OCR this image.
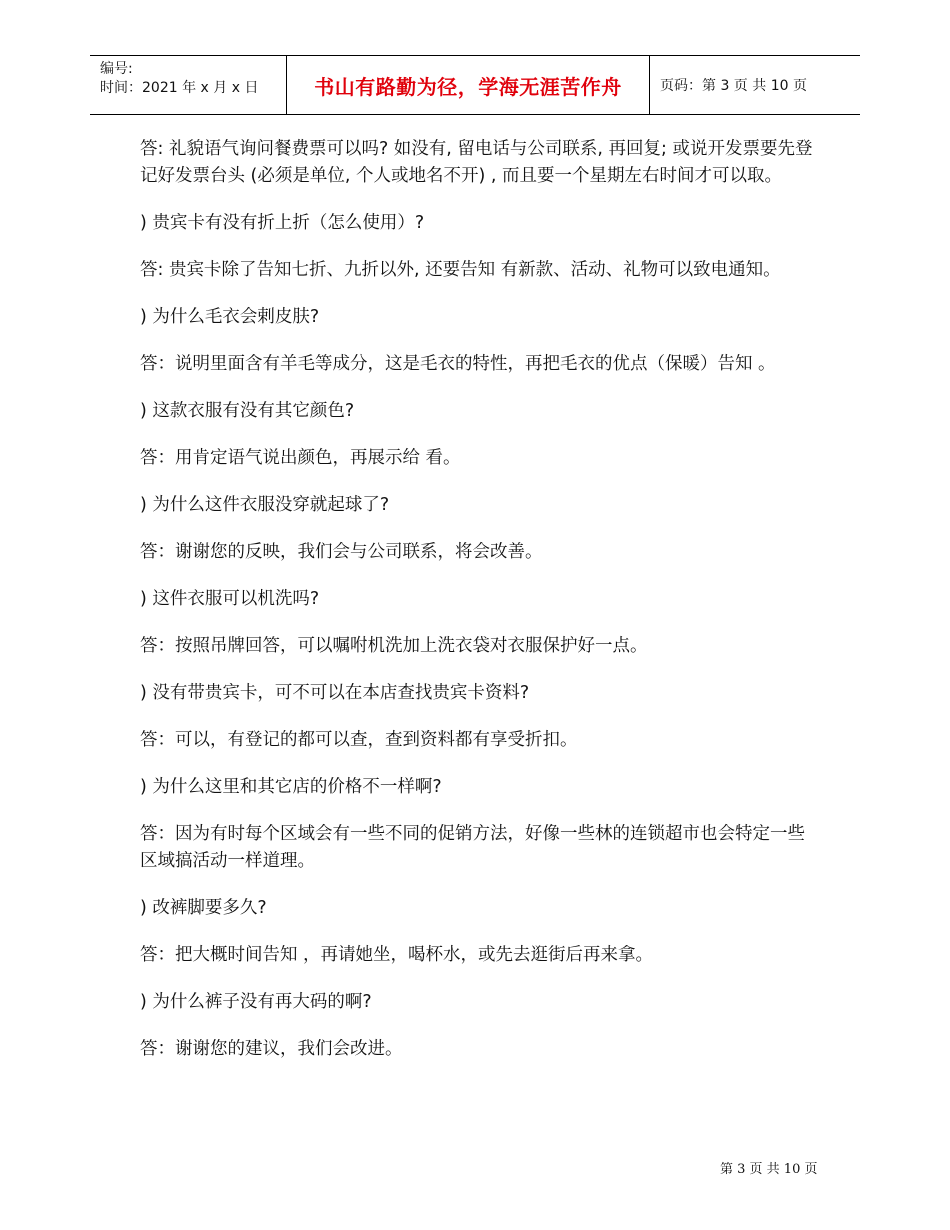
编号:
时间：2021 年 x 月 x 日	书山有路勤为径，学海无涯苦作舟	页码：第 3 页 共 10 页

答: 礼貌语气询问餐费票可以吗? 如没有, 留电话与公司联系, 再回复; 或说开发票要先登记好发票台头 (必须是单位, 个人或地名不开) , 而且要一个星期左右时间才可以取。

) 贵宾卡有没有折上折（怎么使用）?

答: 贵宾卡除了告知七折、九折以外, 还要告知 有新款、活动、礼物可以致电通知。

) 为什么毛衣会剌皮肤?

答：说明里面含有羊毛等成分，这是毛衣的特性，再把毛衣的优点（保暖）告知 。

) 这款衣服有没有其它颜色?

答：用肯定语气说出颜色，再展示给 看。

) 为什么这件衣服没穿就起球了?

答：谢谢您的反映，我们会与公司联系，将会改善。

) 这件衣服可以机洗吗?

答：按照吊牌回答，可以嘱咐机洗加上洗衣袋对衣服保护好一点。

) 没有带贵宾卡，可不可以在本店查找贵宾卡资料?

答：可以，有登记的都可以查，查到资料都有享受折扣。

) 为什么这里和其它店的价格不一样啊?

答：因为有时每个区域会有一些不同的促销方法，好像一些林的连锁超市也会特定一些区域搞活动一样道理。

) 改裤脚要多久?

答：把大概时间告知 ，再请她坐，喝杯水，或先去逛街后再来拿。

) 为什么裤子没有再大码的啊?

答：谢谢您的建议，我们会改进。

第 3 页 共 10 页
